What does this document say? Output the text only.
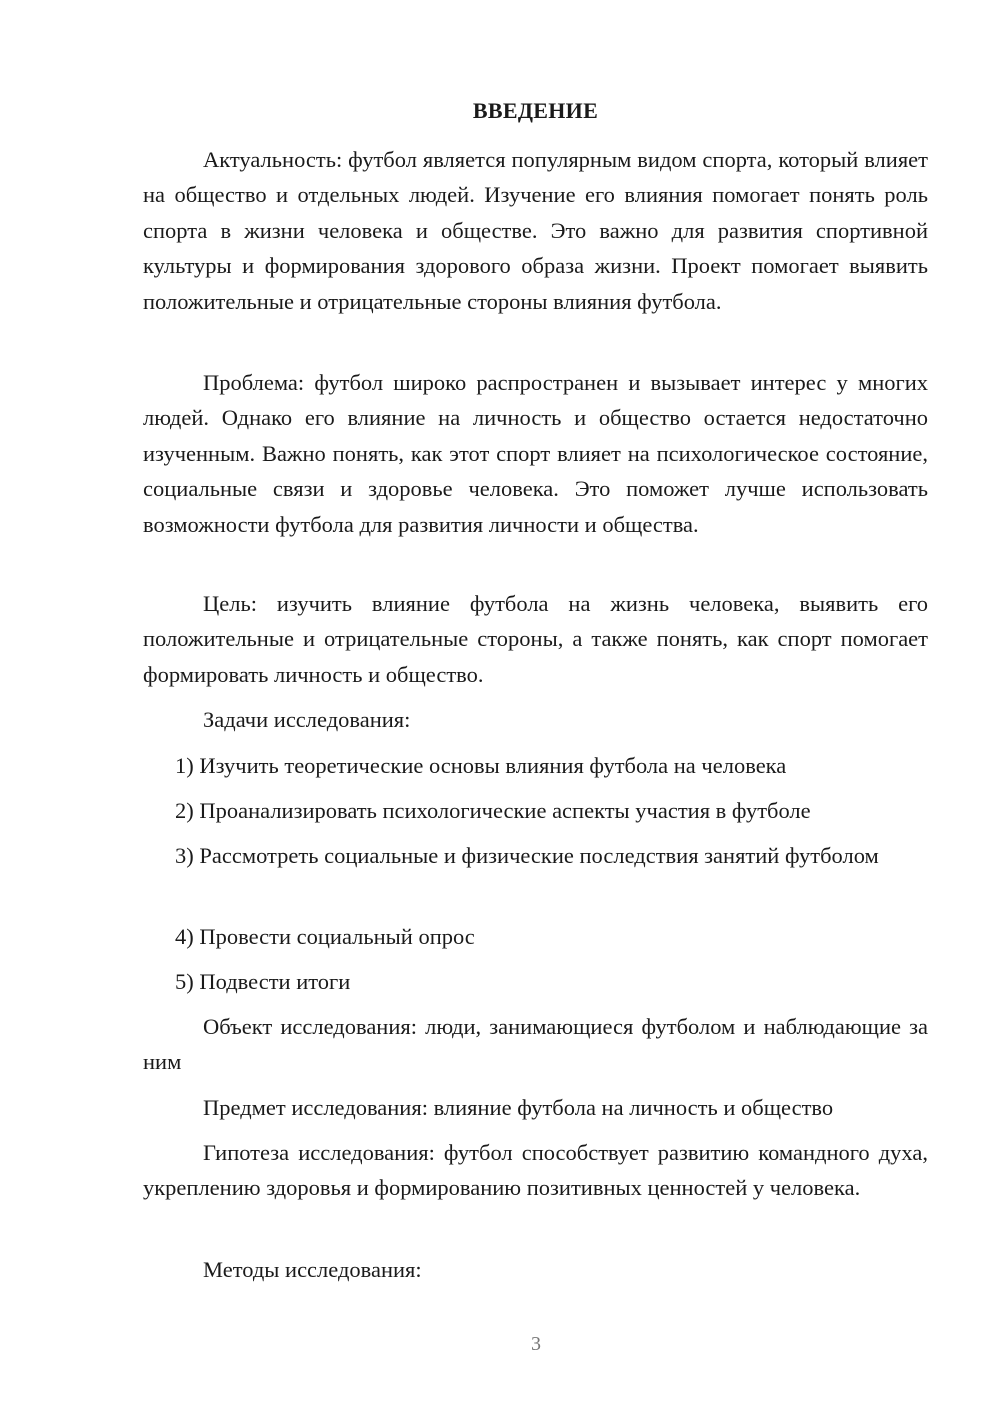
ВВЕДЕНИЕ

Актуальность: футбол является популярным видом спорта, который влияет на общество и отдельных людей. Изучение его влияния помогает понять роль спорта в жизни человека и обществе. Это важно для развития спортивной культуры и формирования здорового образа жизни. Проект помогает выявить положительные и отрицательные стороны влияния футбола.

Проблема: футбол широко распространен и вызывает интерес у многих людей. Однако его влияние на личность и общество остается недостаточно изученным. Важно понять, как этот спорт влияет на психологическое состояние, социальные связи и здоровье человека. Это поможет лучше использовать возможности футбола для развития личности и общества.

Цель: изучить влияние футбола на жизнь человека, выявить его положительные и отрицательные стороны, а также понять, как спорт помогает формировать личность и общество.

Задачи исследования:

1) Изучить теоретические основы влияния футбола на человека

2) Проанализировать психологические аспекты участия в футболе

3) Рассмотреть социальные и физические последствия занятий футболом

4) Провести социальный опрос

5) Подвести итоги

Объект исследования: люди, занимающиеся футболом и наблюдающие за ним

Предмет исследования: влияние футбола на личность и общество

Гипотеза исследования: футбол способствует развитию командного духа, укреплению здоровья и формированию позитивных ценностей у человека.

Методы исследования:

3
